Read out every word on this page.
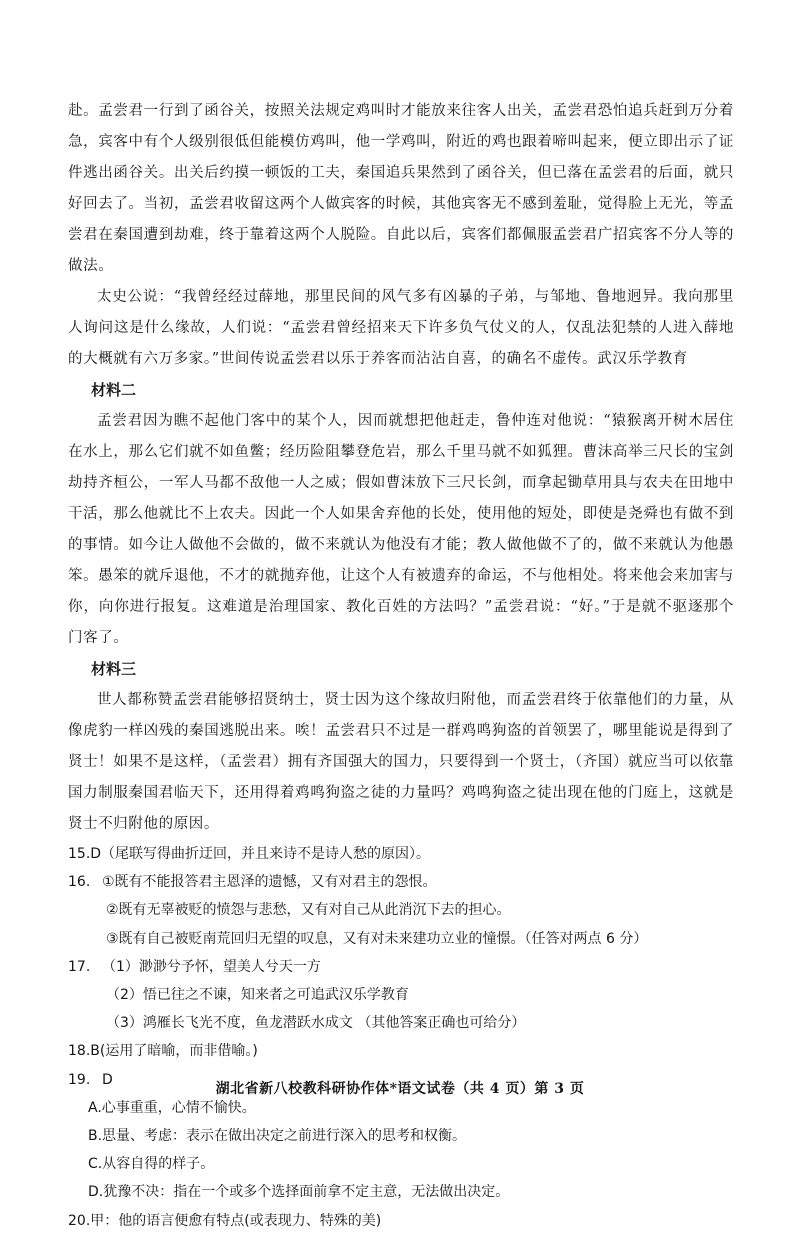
赴。孟尝君一行到了函谷关，按照关法规定鸡叫时才能放来往客人出关，孟尝君恐怕追兵赶到万分着急，宾客中有个人级别很低但能模仿鸡叫，他一学鸡叫，附近的鸡也跟着啼叫起来，便立即出示了证件逃出函谷关。出关后约摸一顿饭的工夫，秦国追兵果然到了函谷关，但已落在孟尝君的后面，就只好回去了。当初，孟尝君收留这两个人做宾客的时候，其他宾客无不感到羞耻，觉得脸上无光，等孟尝君在秦国遭到劫难，终于靠着这两个人脱险。自此以后，宾客们都佩服孟尝君广招宾客不分人等的做法。

太史公说：“我曾经经过薛地，那里民间的风气多有凶暴的子弟，与邹地、鲁地迥异。我向那里人询问这是什么缘故，人们说：“孟尝君曾经招来天下许多负气仗义的人，仅乱法犯禁的人进入薛地的大概就有六万多家。”世间传说孟尝君以乐于养客而沾沾自喜，的确名不虚传。武汉乐学教育

材料二

孟尝君因为瞧不起他门客中的某个人，因而就想把他赶走，鲁仲连对他说：“猿猴离开树木居住在水上，那么它们就不如鱼鳖；经历险阻攀登危岩，那么千里马就不如狐狸。曹沫高举三尺长的宝剑劫持齐桓公，一军人马都不敌他一人之威；假如曹沫放下三尺长剑，而拿起锄草用具与农夫在田地中干活，那么他就比不上农夫。因此一个人如果舍弃他的长处，使用他的短处，即使是尧舜也有做不到的事情。如今让人做他不会做的，做不来就认为他没有才能；教人做他做不了的，做不来就认为他愚笨。愚笨的就斥退他，不才的就抛弃他，让这个人有被遗弃的命运，不与他相处。将来他会来加害与你，向你进行报复。这难道是治理国家、教化百姓的方法吗？”孟尝君说：“好。”于是就不驱逐那个门客了。

材料三

世人都称赞孟尝君能够招贤纳士，贤士因为这个缘故归附他，而孟尝君终于依靠他们的力量，从像虎豹一样凶残的秦国逃脱出来。唉！孟尝君只不过是一群鸡鸣狗盗的首领罢了，哪里能说是得到了贤士！如果不是这样，（孟尝君）拥有齐国强大的国力，只要得到一个贤士，（齐国）就应当可以依靠国力制服秦国君临天下，还用得着鸡鸣狗盗之徒的力量吗？鸡鸣狗盗之徒出现在他的门庭上，这就是贤士不归附他的原因。

15.D（尾联写得曲折迂回，并且来诗不是诗人愁的原因）。

16. ①既有不能报答君主恩泽的遗憾，又有对君主的怨恨。

②既有无辜被贬的愤怨与悲愁，又有对自己从此消沉下去的担心。

③既有自己被贬南荒回归无望的叹息，又有对未来建功立业的憧憬。（任答对两点 6 分）

17. （1）渺渺兮予怀，望美人兮天一方

（2）悟已往之不谏，知来者之可追武汉乐学教育

（3）鸿雁长飞光不度，鱼龙潜跃水成文 （其他答案正确也可给分）

18.B(运用了暗喻，而非借喻。)

19. D

A.心事重重，心情不愉快。

B.思量、考虑：表示在做出决定之前进行深入的思考和权衡。

C.从容自得的样子。

D.犹豫不决：指在一个或多个选择面前拿不定主意，无法做出决定。

20.甲：他的语言便愈有特点(或表现力、特殊的美)

湖北省新八校教科研协作体*语文试卷（共 4 页）第 3 页
